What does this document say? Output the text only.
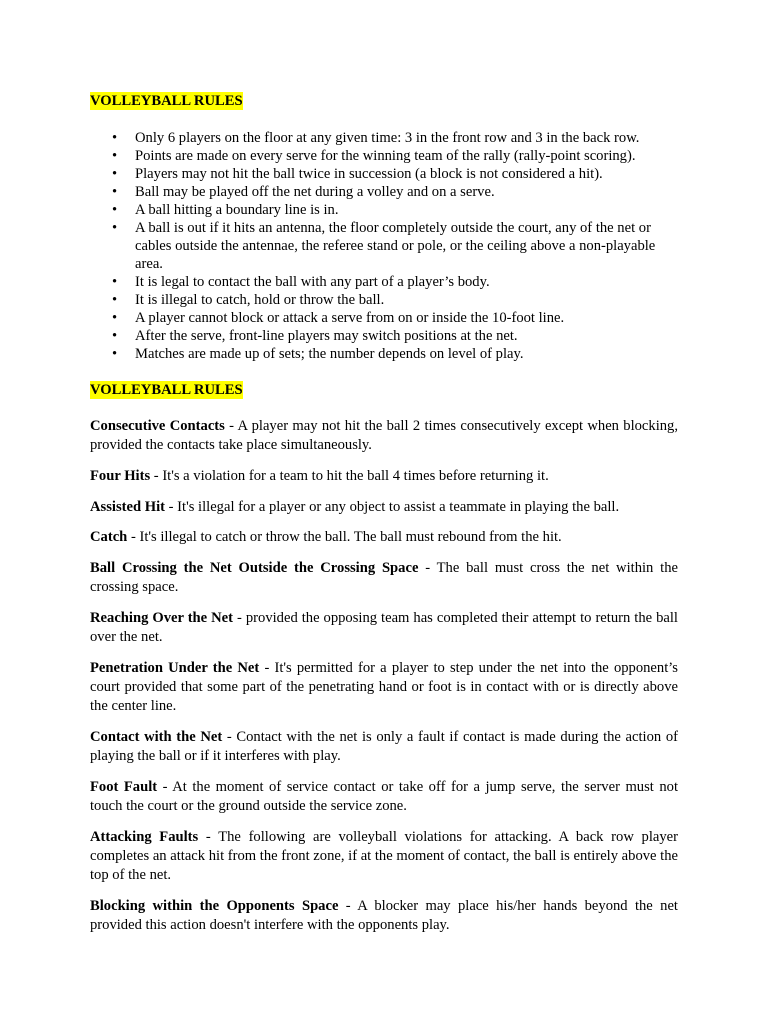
VOLLEYBALL RULES
• Only 6 players on the floor at any given time: 3 in the front row and 3 in the back row.
• Points are made on every serve for the winning team of the rally (rally-point scoring).
• Players may not hit the ball twice in succession (a block is not considered a hit).
• Ball may be played off the net during a volley and on a serve.
• A ball hitting a boundary line is in.
• A ball is out if it hits an antenna, the floor completely outside the court, any of the net or cables outside the antennae, the referee stand or pole, or the ceiling above a non-playable area.
• It is legal to contact the ball with any part of a player’s body.
• It is illegal to catch, hold or throw the ball.
• A player cannot block or attack a serve from on or inside the 10-foot line.
• After the serve, front-line players may switch positions at the net.
• Matches are made up of sets; the number depends on level of play.
VOLLEYBALL RULES

Consecutive Contacts - A player may not hit the ball 2 times consecutively except when blocking, provided the contacts take place simultaneously.

Four Hits - It's a violation for a team to hit the ball 4 times before returning it.

Assisted Hit - It's illegal for a player or any object to assist a teammate in playing the ball.

Catch - It's illegal to catch or throw the ball. The ball must rebound from the hit.

Ball Crossing the Net Outside the Crossing Space - The ball must cross the net within the crossing space.

Reaching Over the Net - provided the opposing team has completed their attempt to return the ball over the net.

Penetration Under the Net - It's permitted for a player to step under the net into the opponent’s court provided that some part of the penetrating hand or foot is in contact with or is directly above the center line.

Contact with the Net - Contact with the net is only a fault if contact is made during the action of playing the ball or if it interferes with play.

Foot Fault - At the moment of service contact or take off for a jump serve, the server must not touch the court or the ground outside the service zone.

Attacking Faults - The following are volleyball violations for attacking. A back row player completes an attack hit from the front zone, if at the moment of contact, the ball is entirely above the top of the net.

Blocking within the Opponents Space - A blocker may place his/her hands beyond the net provided this action doesn't interfere with the opponents play.
